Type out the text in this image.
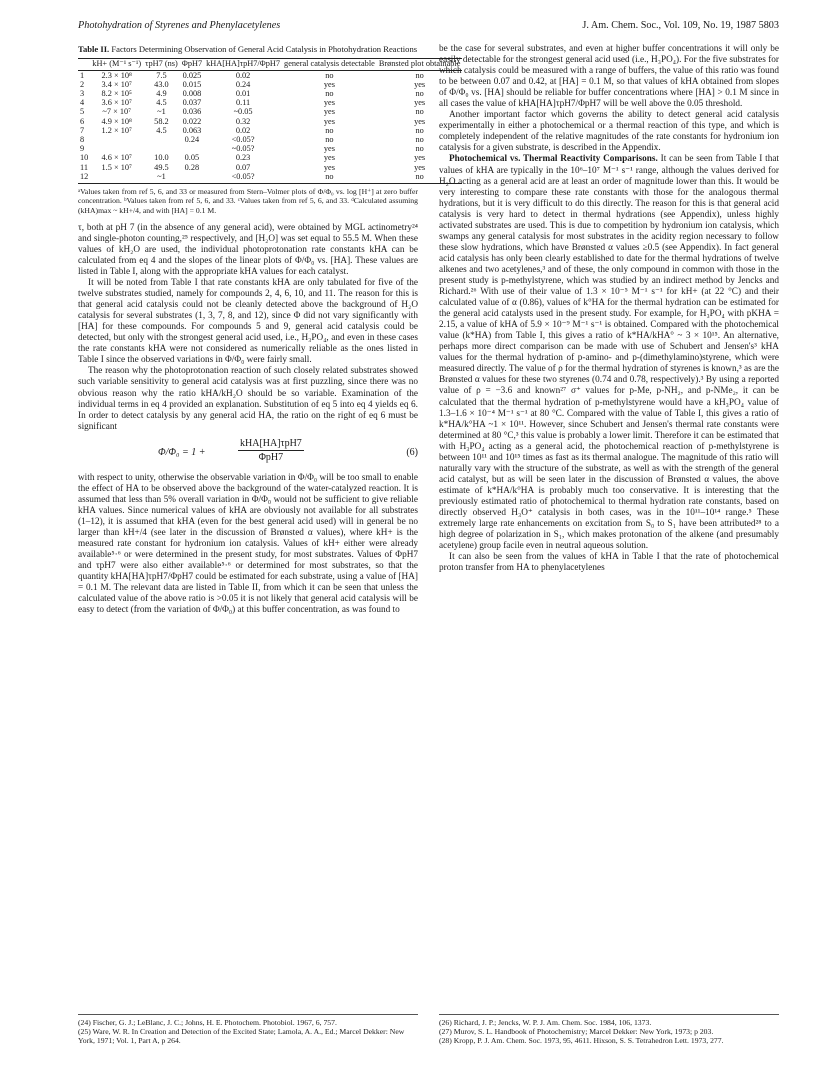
Photohydration of Styrenes and Phenylacetylenes	J. Am. Chem. Soc., Vol. 109, No. 19, 1987 5803
Table II. Factors Determining Observation of General Acid Catalysis in Photohydration Reactions
	kH+ (M⁻¹ s⁻¹)	τpH7 (ns)	ΦpH7	kHA[HA]τpH7/ΦpH7	general catalysis detectable	Brønsted plot obtainable
1	2.3 × 10⁸	7.5	0.025	0.02	no	no
2	3.4 × 10⁷	43.0	0.015	0.24	yes	yes
3	8.2 × 10⁵	4.9	0.008	0.01	no	no
4	3.6 × 10⁷	4.5	0.037	0.11	yes	yes
5	~7 × 10⁷	~1	0.036	~0.05	yes	no
6	4.9 × 10⁸	58.2	0.022	0.32	yes	yes
7	1.2 × 10⁷	4.5	0.063	0.02	no	no
8			0.24	<0.05?	no	no
9				~0.05?	yes	no
10	4.6 × 10⁷	10.0	0.05	0.23	yes	yes
11	1.5 × 10⁷	49.5	0.28	0.07	yes	yes
12		~1		<0.05?	no	no
ᵃValues taken from ref 5, 6, and 33 or measured from Stern–Volmer plots of Φ/Φ₀ vs. log [H⁺] at zero buffer concentration. ᵇValues taken from ref 5, 6, and 33. ᶜValues taken from ref 5, 6, and 33. ᵈCalculated assuming (kHA)max ~ kH+/4, and with [HA] = 0.1 M.

τ, both at pH 7 (in the absence of any general acid), were obtained by MGL actinometry²⁴ and single-photon counting,²⁵ respectively, and [H₂O] was set equal to 55.5 M. When these values of kH₂O are used, the individual photoprotonation rate constants kHA can be calculated from eq 4 and the slopes of the linear plots of Φ/Φ₀ vs. [HA]. These values are listed in Table I, along with the appropriate kHA values for each catalyst.

It will be noted from Table I that rate constants kHA are only tabulated for five of the twelve substrates studied, namely for compounds 2, 4, 6, 10, and 11. The reason for this is that general acid catalysis could not be cleanly detected above the background of H₂O catalysis for several substrates (1, 3, 7, 8, and 12), since Φ did not vary significantly with [HA] for these compounds. For compounds 5 and 9, general acid catalysis could be detected, but only with the strongest general acid used, i.e., H₃PO₄, and even in these cases the rate constants kHA were not considered as numerically reliable as the ones listed in Table I since the observed variations in Φ/Φ₀ were fairly small.

The reason why the photoprotonation reaction of such closely related substrates showed such variable sensitivity to general acid catalysis was at first puzzling, since there was no obvious reason why the ratio kHA/kH₂O should be so variable. Examination of the individual terms in eq 4 provided an explanation. Substitution of eq 5 into eq 4 yields eq 6. In order to detect catalysis by any general acid HA, the ratio on the right of eq 6 must be significant

Φ/Φ₀ = 1 +
kHA[HA]τpH7
ΦpH7	(6)

with respect to unity, otherwise the observable variation in Φ/Φ₀ will be too small to enable the effect of HA to be observed above the background of the water-catalyzed reaction. It is assumed that less than 5% overall variation in Φ/Φ₀ would not be sufficient to give reliable kHA values. Since numerical values of kHA are obviously not available for all substrates (1–12), it is assumed that kHA (even for the best general acid used) will in general be no larger than kH+/4 (see later in the discussion of Brønsted α values), where kH+ is the measured rate constant for hydronium ion catalysis. Values of kH+ either were already available⁵·⁶ or were determined in the present study, for most substrates. Values of ΦpH7 and τpH7 were also either available⁵·⁶ or determined for most substrates, so that the quantity kHA[HA]τpH7/ΦpH7 could be estimated for each substrate, using a value of [HA] = 0.1 M. The relevant data are listed in Table II, from which it can be seen that unless the calculated value of the above ratio is >0.05 it is not likely that general acid catalysis will be easy to detect (from the variation of Φ/Φ₀) at this buffer concentration, as was found to

be the case for several substrates, and even at higher buffer concentrations it will only be easily detectable for the strongest general acid used (i.e., H₃PO₄). For the five substrates for which catalysis could be measured with a range of buffers, the value of this ratio was found to be between 0.07 and 0.42, at [HA] = 0.1 M, so that values of kHA obtained from slopes of Φ/Φ₀ vs. [HA] should be reliable for buffer concentrations where [HA] > 0.1 M since in all cases the value of kHA[HA]τpH7/ΦpH7 will be well above the 0.05 threshold.

Another important factor which governs the ability to detect general acid catalysis experimentally in either a photochemical or a thermal reaction of this type, and which is completely independent of the relative magnitudes of the rate constants for hydronium ion catalysis for a given substrate, is described in the Appendix.

Photochemical vs. Thermal Reactivity Comparisons. It can be seen from Table I that values of kHA are typically in the 10⁶–10⁷ M⁻¹ s⁻¹ range, although the values derived for H₂O acting as a general acid are at least an order of magnitude lower than this. It would be very interesting to compare these rate constants with those for the analogous thermal hydrations, but it is very difficult to do this directly. The reason for this is that general acid catalysis is very hard to detect in thermal hydrations (see Appendix), unless highly activated substrates are used. This is due to competition by hydronium ion catalysis, which swamps any general catalysis for most substrates in the acidity region necessary to follow these slow hydrations, which have Brønsted α values ≥0.5 (see Appendix). In fact general acid catalysis has only been clearly established to date for the thermal hydrations of twelve alkenes and two acetylenes,³ and of these, the only compound in common with those in the present study is p-methylstyrene, which was studied by an indirect method by Jencks and Richard.²⁶ With use of their value of 1.3 × 10⁻⁵ M⁻¹ s⁻¹ for kH+ (at 22 °C) and their calculated value of α (0.86), values of k°HA for the thermal hydration can be estimated for the general acid catalysts used in the present study. For example, for H₃PO₄ with pKHA = 2.15, a value of kHA of 5.9 × 10⁻⁹ M⁻¹ s⁻¹ is obtained. Compared with the photochemical value (k*HA) from Table I, this gives a ratio of k*HA/kHA° ~ 3 × 10¹⁵. An alternative, perhaps more direct comparison can be made with use of Schubert and Jensen's³ kHA values for the thermal hydration of p-amino- and p-(dimethylamino)styrene, which were measured directly. The value of ρ for the thermal hydration of styrenes is known,³ as are the Brønsted α values for these two styrenes (0.74 and 0.78, respectively).³ By using a reported value of ρ = −3.6 and known²⁷ σ⁺ values for p-Me, p-NH₂, and p-NMe₂, it can be calculated that the thermal hydration of p-methylstyrene would have a kH₃PO₄ value of 1.3–1.6 × 10⁻⁴ M⁻¹ s⁻¹ at 80 °C. Compared with the value of Table I, this gives a ratio of k*HA/k°HA ~1 × 10¹¹. However, since Schubert and Jensen's thermal rate constants were determined at 80 °C,³ this value is probably a lower limit. Therefore it can be estimated that with H₃PO₄ acting as a general acid, the photochemical reaction of p-methylstyrene is between 10¹¹ and 10¹⁵ times as fast as its thermal analogue. The magnitude of this ratio will naturally vary with the structure of the substrate, as well as with the strength of the general acid catalyst, but as will be seen later in the discussion of Brønsted α values, the above estimate of k*HA/k°HA is probably much too conservative. It is interesting that the previously estimated ratio of photochemical to thermal hydration rate constants, based on directly observed H₃O⁺ catalysis in both cases, was in the 10¹¹–10¹⁴ range.⁵ These extremely large rate enhancements on excitation from S₀ to S₁ have been attributed²⁸ to a high degree of polarization in S₁, which makes protonation of the alkene (and presumably acetylene) group facile even in neutral aqueous solution.

It can also be seen from the values of kHA in Table I that the rate of photochemical proton transfer from HA to phenylacetylenes

(24) Fischer, G. J.; LeBlanc, J. C.; Johns, H. E. Photochem. Photobiol. 1967, 6, 757.
(25) Ware, W. R. In Creation and Detection of the Excited State; Lamola, A. A., Ed.; Marcel Dekker: New York, 1971; Vol. 1, Part A, p 264.
(26) Richard, J. P.; Jencks, W. P. J. Am. Chem. Soc. 1984, 106, 1373.
(27) Murov, S. L. Handbook of Photochemistry; Marcel Dekker: New York, 1973; p 203.
(28) Kropp, P. J. Am. Chem. Soc. 1973, 95, 4611. Hixson, S. S. Tetrahedron Lett. 1973, 277.
